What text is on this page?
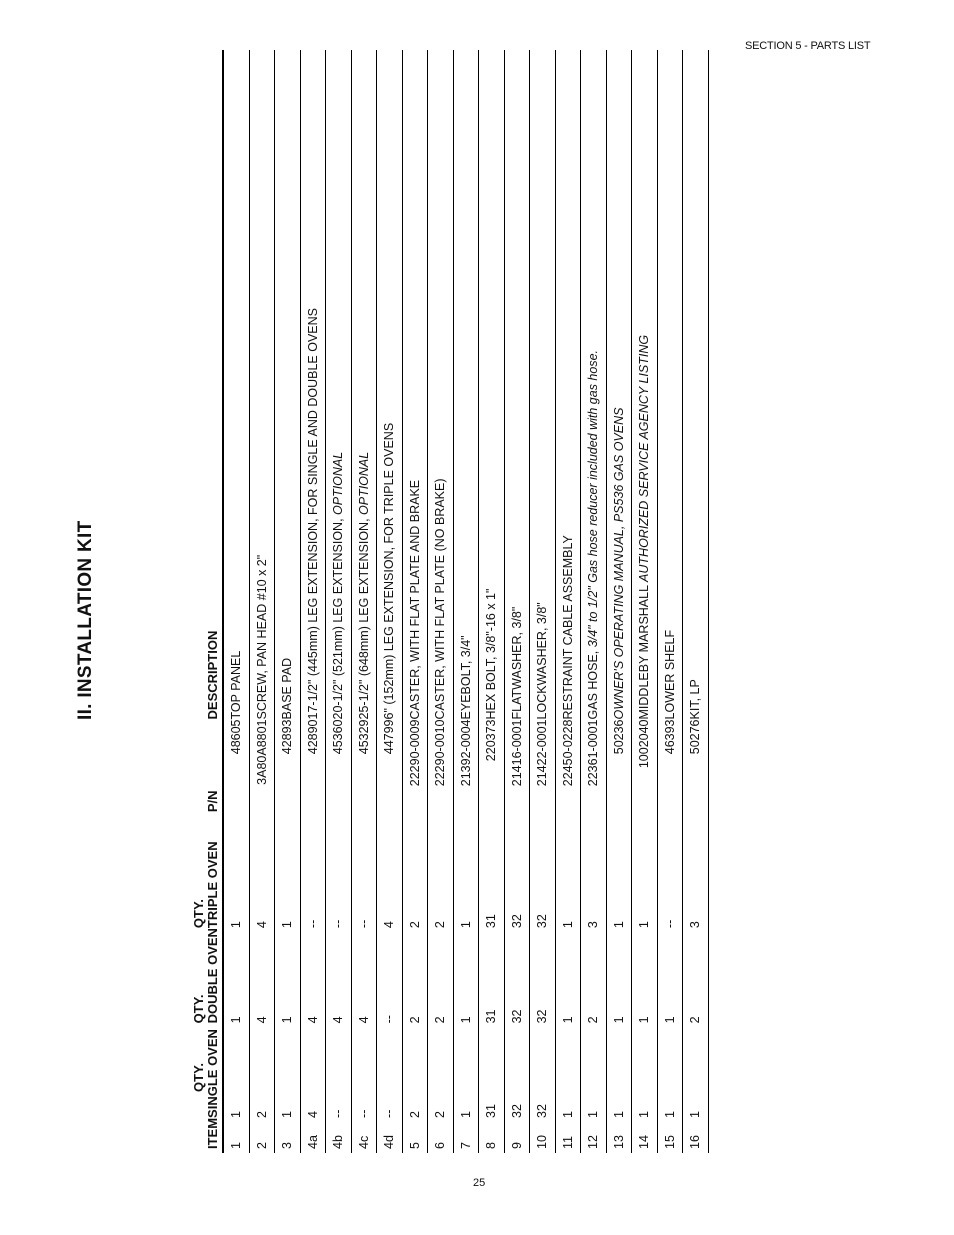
SECTION 5 - PARTS LIST
II. INSTALLATION KIT
ITEM	QTY. SINGLE OVEN	QTY. DOUBLE OVEN	QTY. TRIPLE OVEN	P/N	DESCRIPTION
1	1	1	1	48605	TOP PANEL
2	2	4	4	3A80A8801	SCREW, PAN HEAD #10 x 2"
3	1	1	1	42893	BASE PAD
4a	4	4	--	42890	17-1/2" (445mm) LEG EXTENSION, FOR SINGLE AND DOUBLE OVENS
4b	--	4	--	45360	20-1/2" (521mm) LEG EXTENSION, OPTIONAL
4c	--	4	--	45329	25-1/2" (648mm) LEG EXTENSION, OPTIONAL
4d	--	--	4	44799	6" (152mm) LEG EXTENSION, FOR TRIPLE OVENS
5	2	2	2	22290-0009	CASTER, WITH FLAT PLATE AND BRAKE
6	2	2	2	22290-0010	CASTER, WITH FLAT PLATE (NO BRAKE)
7	1	1	1	21392-0004	EYEBOLT, 3/4"
8	31	31	31	220373	HEX BOLT, 3/8"-16 x 1"
9	32	32	32	21416-0001	FLATWASHER, 3/8"
10	32	32	32	21422-0001	LOCKWASHER, 3/8"
11	1	1	1	22450-0228	RESTRAINT CABLE ASSEMBLY
12	1	2	3	22361-0001	GAS HOSE, 3/4" to 1/2" Gas hose reducer included with gas hose.
13	1	1	1	50236	OWNER'S OPERATING MANUAL, PS536 GAS OVENS
14	1	1	1	1002040	MIDDLEBY MARSHALL AUTHORIZED SERVICE AGENCY LISTING
15	1	1	--	46393	LOWER SHELF
16	1	2	3	50276	KIT, LP
25
